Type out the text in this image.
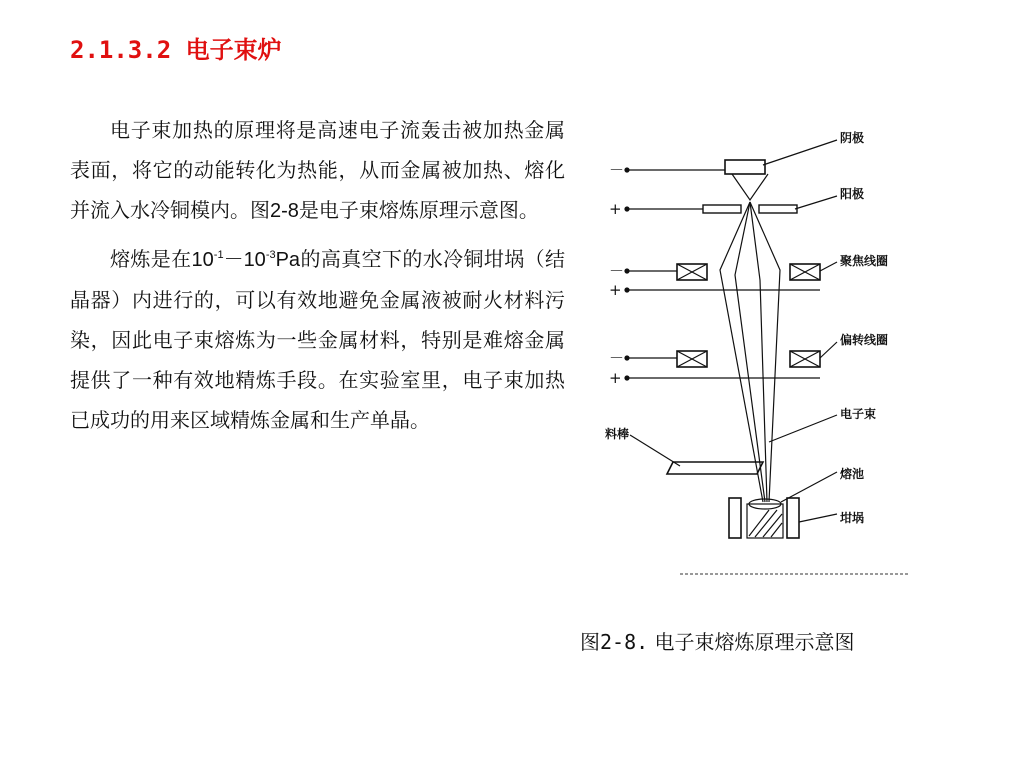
2.1.3.2 电子束炉

电子束加热的原理将是高速电子流轰击被加热金属表面，将它的动能转化为热能，从而金属被加热、熔化并流入水冷铜模内。图2-8是电子束熔炼原理示意图。

熔炼是在$10^{-1}-10^{-3}Pa$的高真空下的水冷铜坩埚（结晶器）内进行的，可以有效地避免金属液被耐火材料污染，因此电子束熔炼为一些金属材料，特别是难熔金属提供了一种有效地精炼手段。在实验室里，电子束加热已成功的用来区域精炼金属和生产单晶。

－
+
－
+
－
+
阴极
阳极
聚焦线圈
偏转线圈
电子束
料棒
熔池
坩埚
图2-8. 电子束熔炼原理示意图
